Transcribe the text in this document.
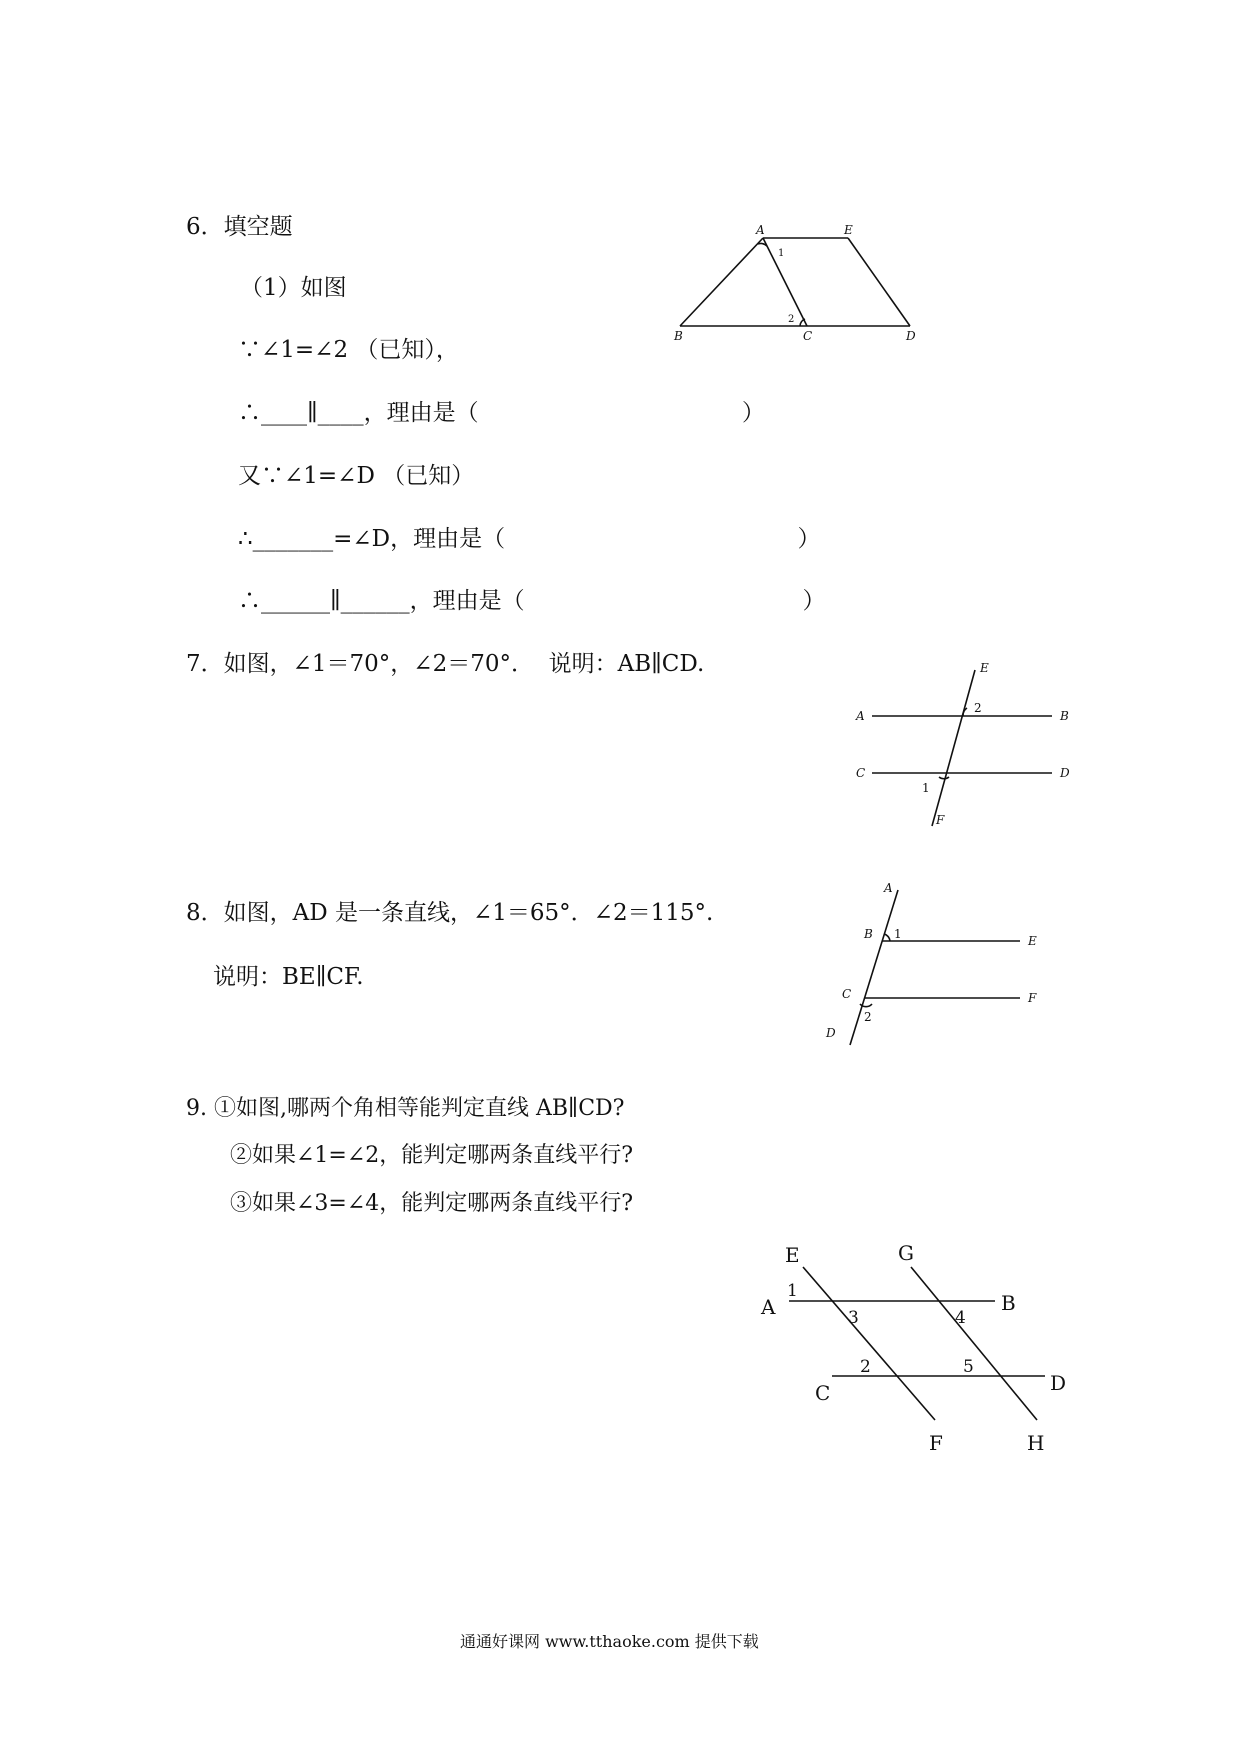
6．填空题
（1）如图
∵∠1=∠2 （已知），
∴____∥____，理由是（                                    ）
又∵∠1=∠D （已知）
∴_______=∠D，理由是（                                        ）
∴______∥______，理由是（                                      ）
A	E
B	C	D
1
2
7．如图，∠1＝70°，∠2＝70°．  说明：AB∥CD.
A	B
C	D
E
F
2
1
8．如图，AD 是一条直线，∠1＝65°．∠2＝115°.
说明：BE∥CF.
A
B
C
D
E
F
1
2
9. ①如图,哪两个角相等能判定直线 AB∥CD?
②如果∠1=∠2，能判定哪两条直线平行?
③如果∠3=∠4，能判定哪两条直线平行?
E	G
A	B
C	D
F	H
1
2
3	4
5
通通好课网 www.tthaoke.com 提供下载
